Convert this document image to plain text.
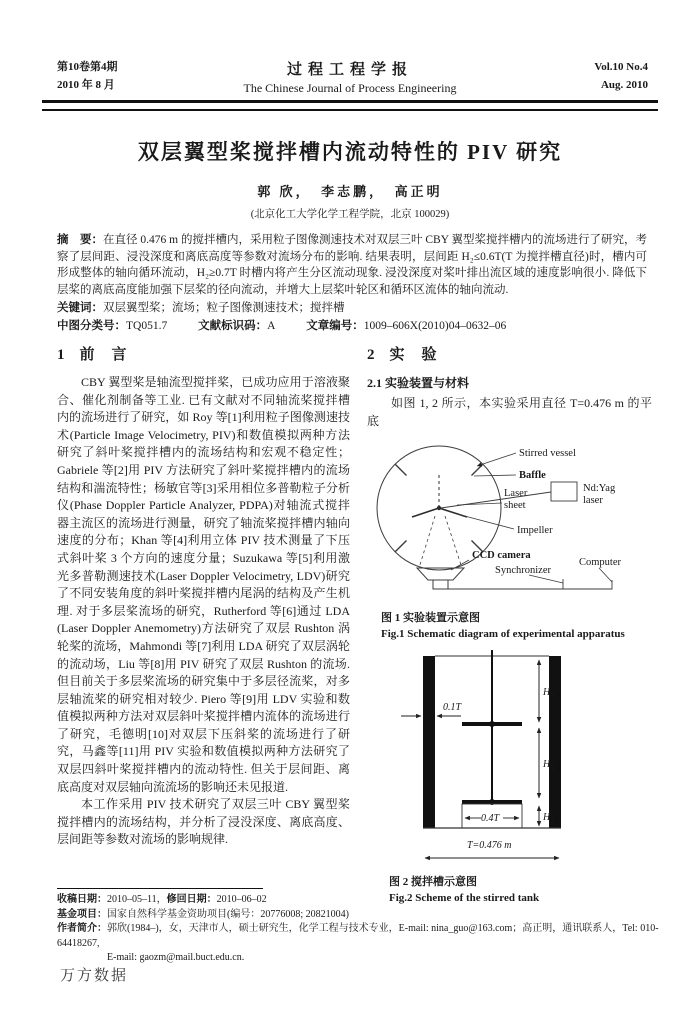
第10卷第4期
2010 年 8 月
过程工程学报
The Chinese Journal of Process Engineering
Vol.10 No.4
Aug. 2010
双层翼型桨搅拌槽内流动特性的 PIV 研究
郭 欣，　李志鹏，　高正明
(北京化工大学化学工程学院，北京 100029)
摘　要：在直径 0.476 m 的搅拌槽内，采用粒子图像测速技术对双层三叶 CBY 翼型桨搅拌槽内的流场进行了研究，考察了层间距、浸没深度和离底高度等参数对流场分布的影响. 结果表明，层间距 H₂≤0.6T(T 为搅拌槽直径)时，槽内可形成整体的轴向循环流动，H₂≥0.7T 时槽内将产生分区流动现象. 浸没深度对桨叶排出流区域的速度影响很小. 降低下层桨的离底高度能加强下层桨的径向流动，并增大上层桨叶轮区和循环区流体的轴向流动.
关键词：双层翼型桨；流场；粒子图像测速技术；搅拌槽
中图分类号：TQ051.7	文献标识码：A	文章编号：1009–606X(2010)04–0632–06
1 前　言

CBY 翼型桨是轴流型搅拌桨，已成功应用于溶液聚合、催化剂制备等工业. 已有文献对不同轴流桨搅拌槽内的流场进行了研究，如 Roy 等[1]利用粒子图像测速技术(Particle Image Velocimetry, PIV)和数值模拟两种方法研究了斜叶桨搅拌槽内的流场结构和宏观不稳定性；Gabriele 等[2]用 PIV 方法研究了斜叶桨搅拌槽内的流场结构和湍流特性；杨敏官等[3]采用相位多普勒粒子分析仪(Phase Doppler Particle Analyzer, PDPA)对轴流式搅拌器主流区的流场进行测量，研究了轴流桨搅拌槽内轴向速度的分布；Khan 等[4]利用立体 PIV 技术测量了下压式斜叶桨 3 个方向的速度分量；Suzukawa 等[5]利用激光多普勒测速技术(Laser Doppler Velocimetry, LDV)研究了不同安装角度的斜叶桨搅拌槽内尾涡的结构及产生机理. 对于多层桨流场的研究，Rutherford 等[6]通过 LDA (Laser Doppler Anemometry)方法研究了双层 Rushton 涡轮桨的流场，Mahmondi 等[7]利用 LDA 研究了双层涡轮的流动场，Liu 等[8]用 PIV 研究了双层 Rushton 的流场. 但目前关于多层桨流场的研究集中于多层径流桨，对多层轴流桨的研究相对较少. Piero 等[9]用 LDV 实验和数值模拟两种方法对双层斜叶桨搅拌槽内流体的流场进行了研究，毛德明[10]对双层下压斜桨的流场进行了研究，马鑫等[11]用 PIV 实验和数值模拟两种方法研究了双层四斜叶桨搅拌槽内的流动特性. 但关于层间距、离底高度对双层轴向流流场的影响还未见报道.

本工作采用 PIV 技术研究了双层三叶 CBY 翼型桨搅拌槽内的流场结构，并分析了浸没深度、离底高度、层间距等参数对流场的影响规律.

2 实　验
2.1 实验装置与材料

如图 1, 2 所示，本实验采用直径 T=0.476 m 的平底

Stirred vessel
Baffle
Laser
sheet
Nd:Yag
laser
Impeller
CCD camera
Synchronizer
Computer
图 1 实验装置示意图
Fig.1 Schematic diagram of experimental apparatus
0.1T
H 3
H 2
H 1
0.4T
T=0.476 m
图 2 搅拌槽示意图
Fig.2 Scheme of the stirred tank
收稿日期：2010–05–11，修回日期：2010–06–02
基金项目：国家自然科学基金资助项目(编号：20776008; 20821004)
作者简介：郭欣(1984–)，女，天津市人，硕士研究生，化学工程与技术专业，E-mail: nina_guo@163.com；高正明，通讯联系人，Tel: 010-64418267,
E-mail: gaozm@mail.buct.edu.cn.
万方数据
